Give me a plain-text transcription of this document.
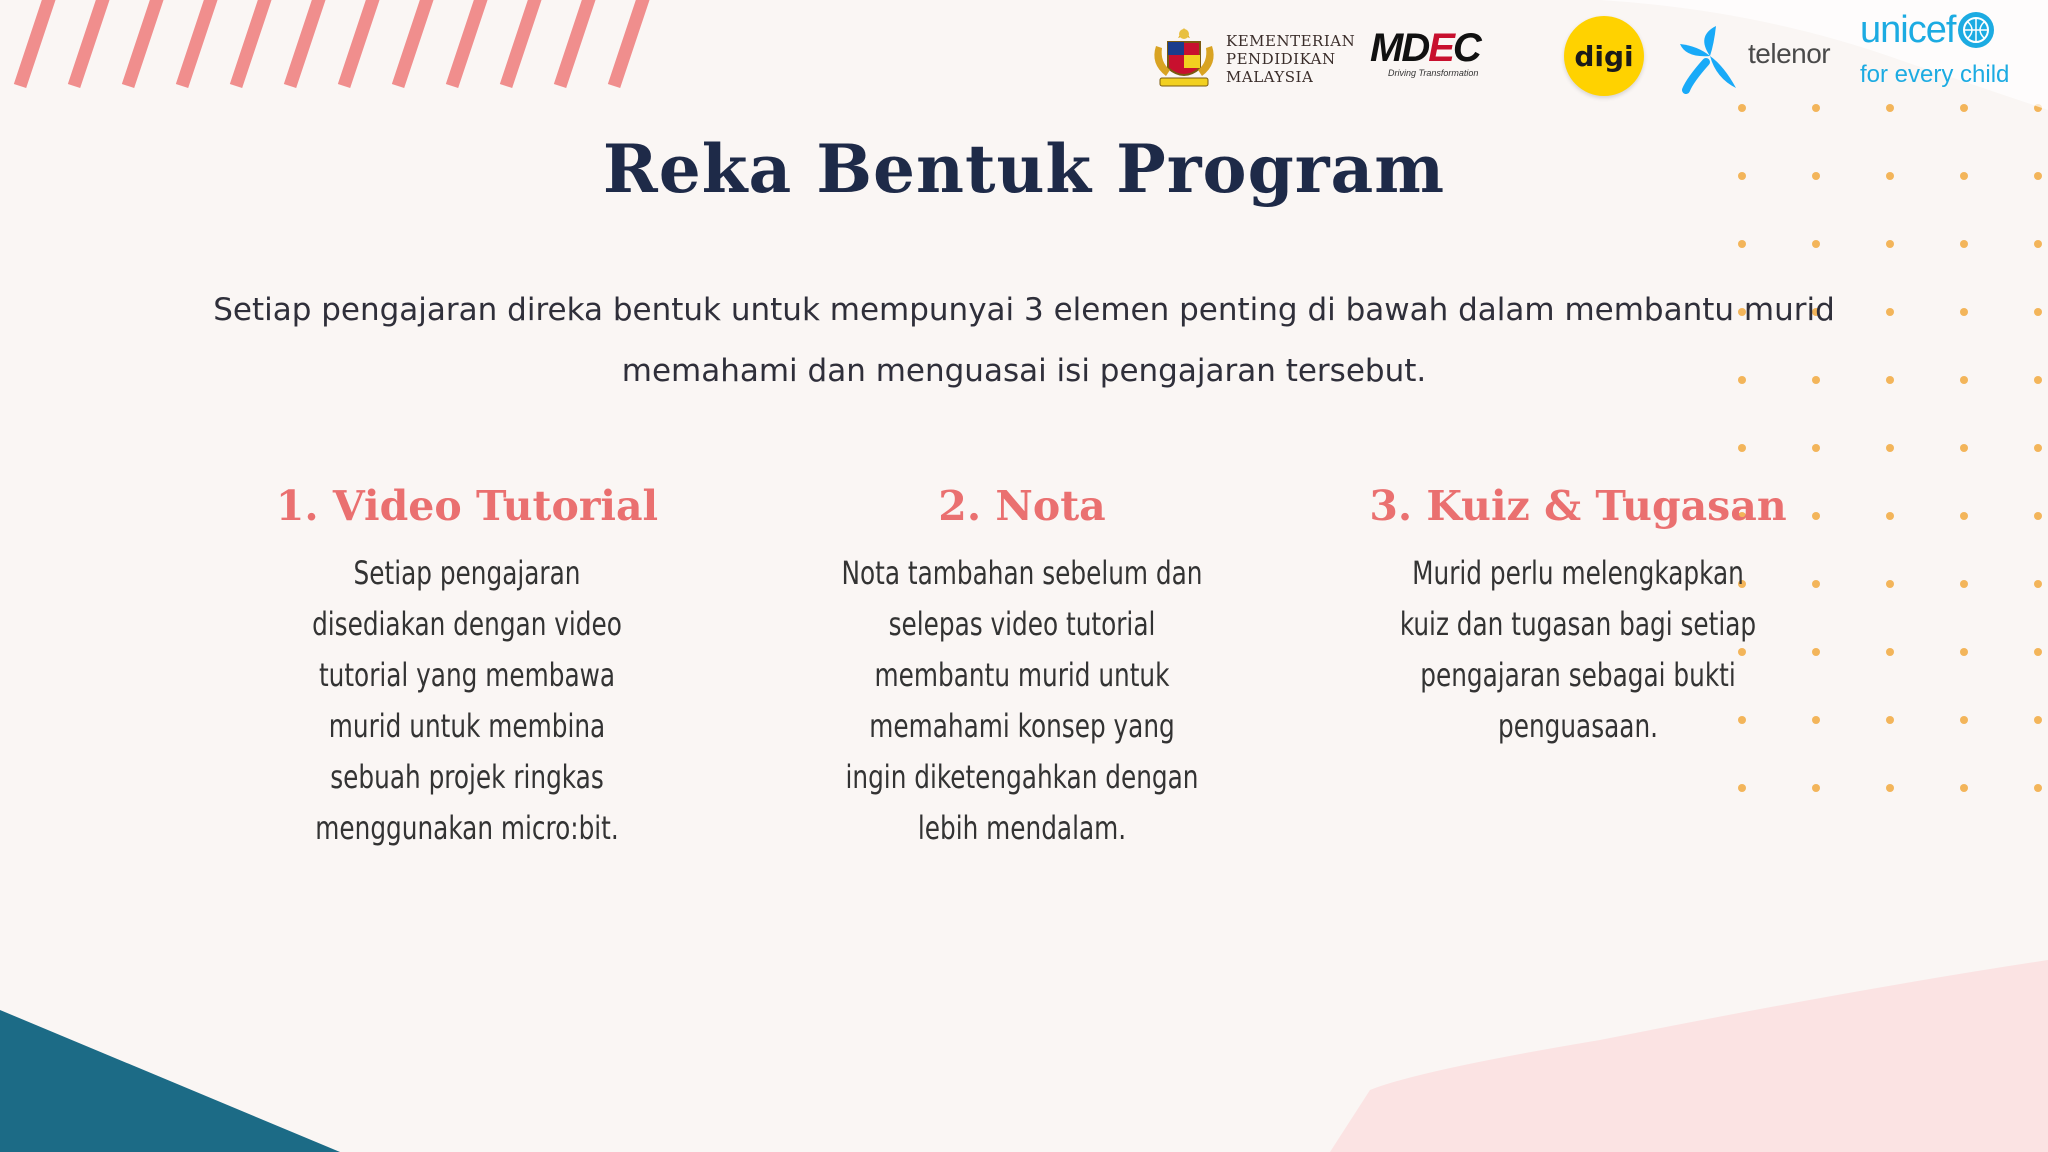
KEMENTERIAN
PENDIDIKAN
MALAYSIA
MDEC
Driving Transformation
digi	telenor
unicef
for every child
Reka Bentuk Program
Setiap pengajaran direka bentuk untuk mempunyai 3 elemen penting di bawah dalam membantu murid memahami dan menguasai isi pengajaran tersebut.
1. Video Tutorial
Setiap pengajaran
disediakan dengan video
tutorial yang membawa
murid untuk membina
sebuah projek ringkas
menggunakan micro:bit.
2. Nota
Nota tambahan sebelum dan
selepas video tutorial
membantu murid untuk
memahami konsep yang
ingin diketengahkan dengan
lebih mendalam.
3. Kuiz & Tugasan
Murid perlu melengkapkan
kuiz dan tugasan bagi setiap
pengajaran sebagai bukti
penguasaan.
